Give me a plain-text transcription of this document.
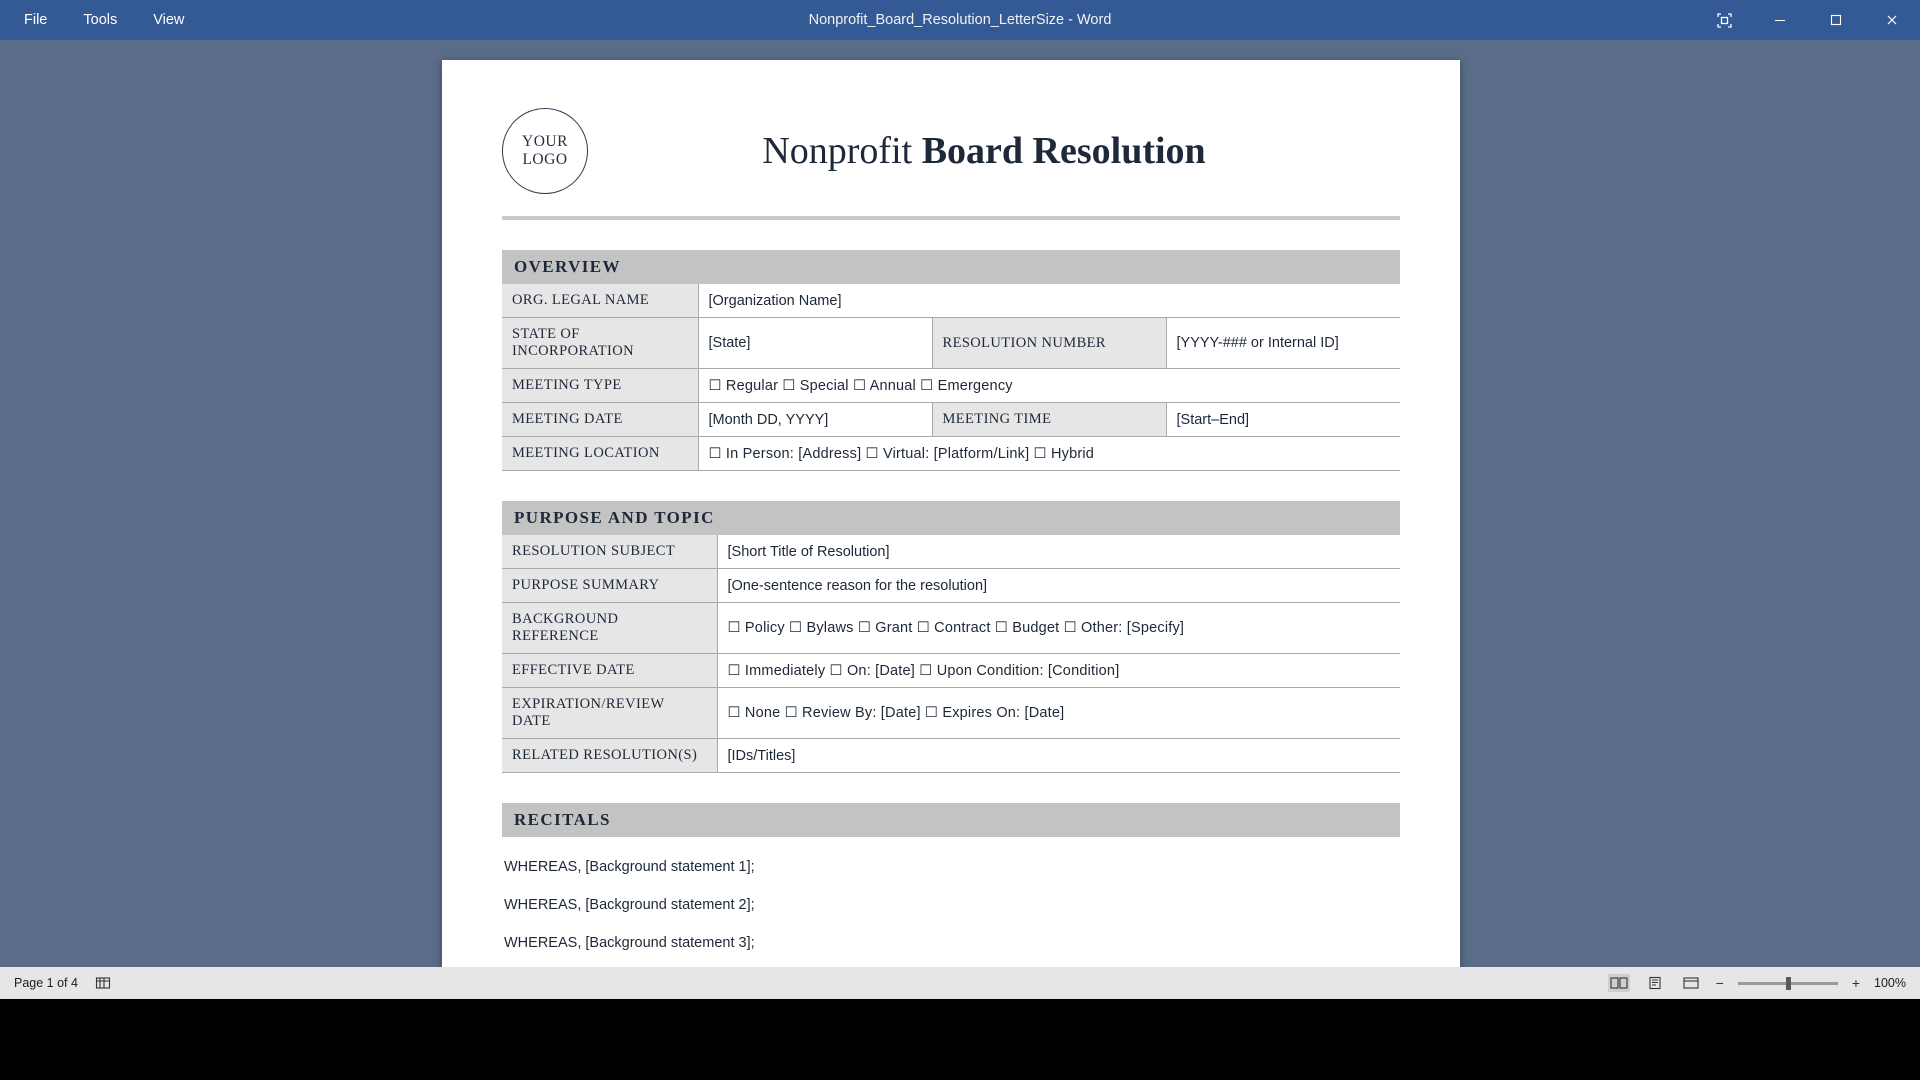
File	Tools	View	Nonprofit_Board_Resolution_LetterSize - Word
YOUR
LOGO	Nonprofit Board Resolution
OVERVIEW
ORG. LEGAL NAME	[Organization Name]		
STATE OF INCORPORATION	[State]	RESOLUTION NUMBER	[YYYY-### or Internal ID]
MEETING TYPE	☐ Regular ☐ Special ☐ Annual ☐ Emergency		
MEETING DATE	[Month DD, YYYY]	MEETING TIME	[Start–End]
MEETING LOCATION	☐ In Person: [Address] ☐ Virtual: [Platform/Link] ☐ Hybrid		
PURPOSE AND TOPIC
RESOLUTION SUBJECT	[Short Title of Resolution]
PURPOSE SUMMARY	[One-sentence reason for the resolution]
BACKGROUND REFERENCE	☐ Policy ☐ Bylaws ☐ Grant ☐ Contract ☐ Budget ☐ Other: [Specify]
EFFECTIVE DATE	☐ Immediately ☐ On: [Date] ☐ Upon Condition: [Condition]
EXPIRATION/REVIEW DATE	☐ None ☐ Review By: [Date] ☐ Expires On: [Date]
RELATED RESOLUTION(S)	[IDs/Titles]
RECITALS

WHEREAS, [Background statement 1];

WHEREAS, [Background statement 2];

WHEREAS, [Background statement 3];

Page 1 of 4	−	+ 100%
